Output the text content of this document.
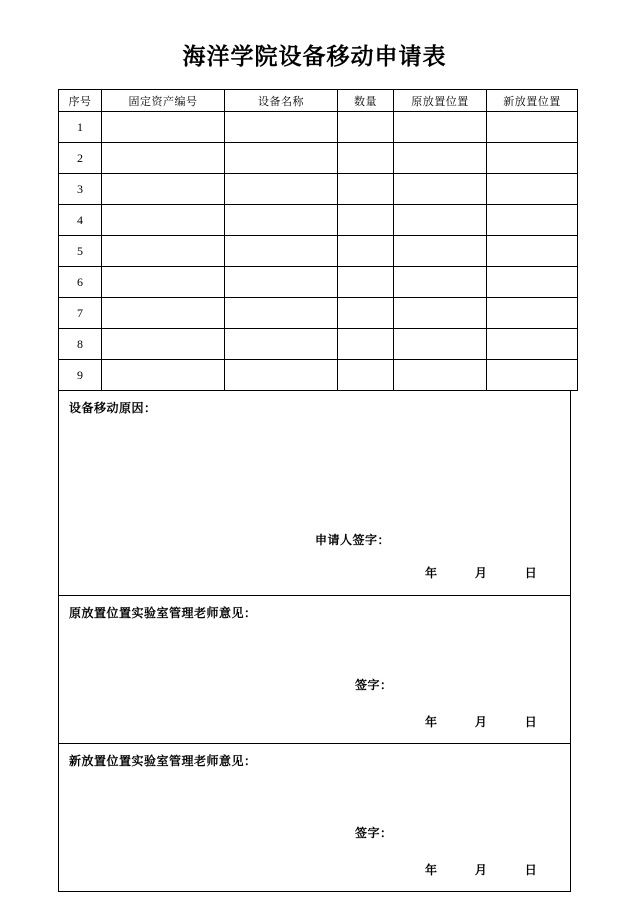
海洋学院设备移动申请表
序号	固定资产编号	设备名称	数量	原放置位置	新放置位置
1					
2					
3					
4					
5					
6					
7					
8					
9					
设备移动原因：
申请人签字：
年	月	日
原放置位置实验室管理老师意见：
签字：
年	月	日
新放置位置实验室管理老师意见：
签字：
年	月	日
